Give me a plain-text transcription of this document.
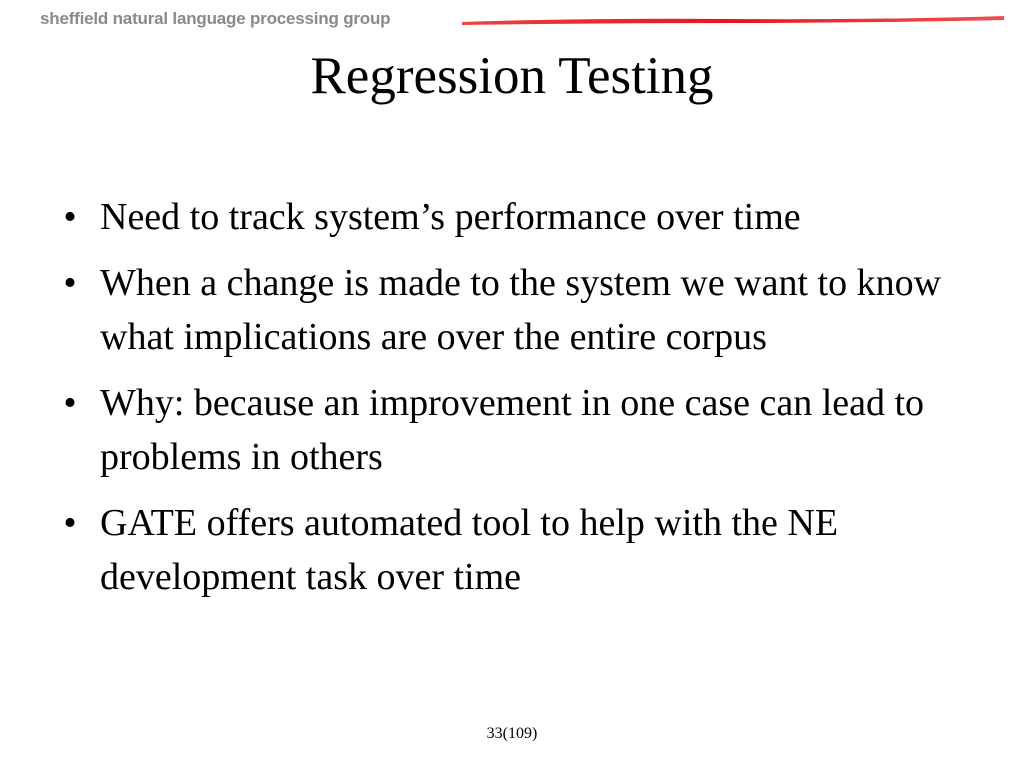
sheffield natural language processing group
Regression Testing
• Need to track system’s performance over time
• When a change is made to the system we want to know what implications are over the entire corpus
• Why: because an improvement in one case can lead to problems in others
• GATE offers automated tool to help with the NE development task over time
33(109)
